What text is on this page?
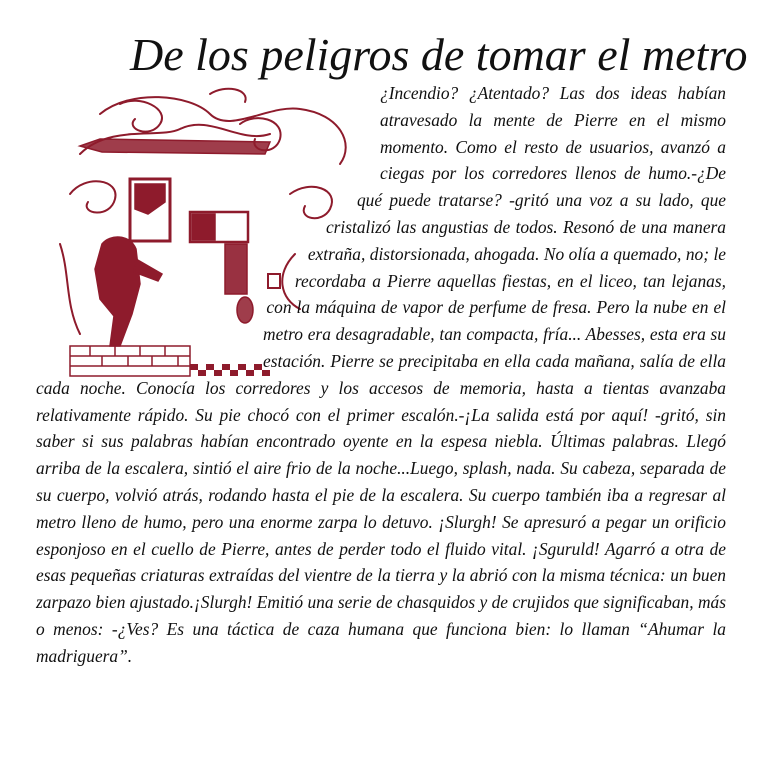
De los peligros de tomar el metro

¿Incendio? ¿Atentado? Las dos ideas habían atravesado la mente de Pierre en el mismo momento. Como el resto de usuarios, avanzó a ciegas por los corredores llenos de humo.-¿De qué puede tratarse? -gritó una voz a su lado, que cristalizó las angustias de todos. Resonó de una manera extraña, distorsionada, ahogada. No olía a quemado, no; le recordaba a Pierre aquellas fiestas, en el liceo, tan lejanas, con la máquina de vapor de perfume de fresa. Pero la nube en el metro era desagradable, tan compacta, fría... Abesses, esta era su estación. Pierre se precipitaba en ella cada mañana, salía de ella cada noche. Conocía los corredores y los accesos de memoria, hasta a tientas avanzaba relativamente rápido. Su pie chocó con el primer escalón.-¡La salida está por aquí! -gritó, sin saber si sus palabras habían encontrado oyente en la espesa niebla. Últimas palabras. Llegó arriba de la escalera, sintió el aire frio de la noche...Luego, splash, nada. Su cabeza, separada de su cuerpo, volvió atrás, rodando hasta el pie de la escalera. Su cuerpo también iba a regresar al metro lleno de humo, pero una enorme zarpa lo detuvo. ¡Slurgh! Se apresuró a pegar un orificio esponjoso en el cuello de Pierre, antes de perder todo el fluido vital. ¡Sguruld! Agarró a otra de esas pequeñas criaturas extraídas del vientre de la tierra y la abrió con la misma técnica: un buen zarpazo bien ajustado.¡Slurgh! Emitió una serie de chasquidos y de crujidos que significaban, más o menos: -¿Ves? Es una táctica de caza humana que funciona bien: lo llaman “Ahumar la madriguera”.
